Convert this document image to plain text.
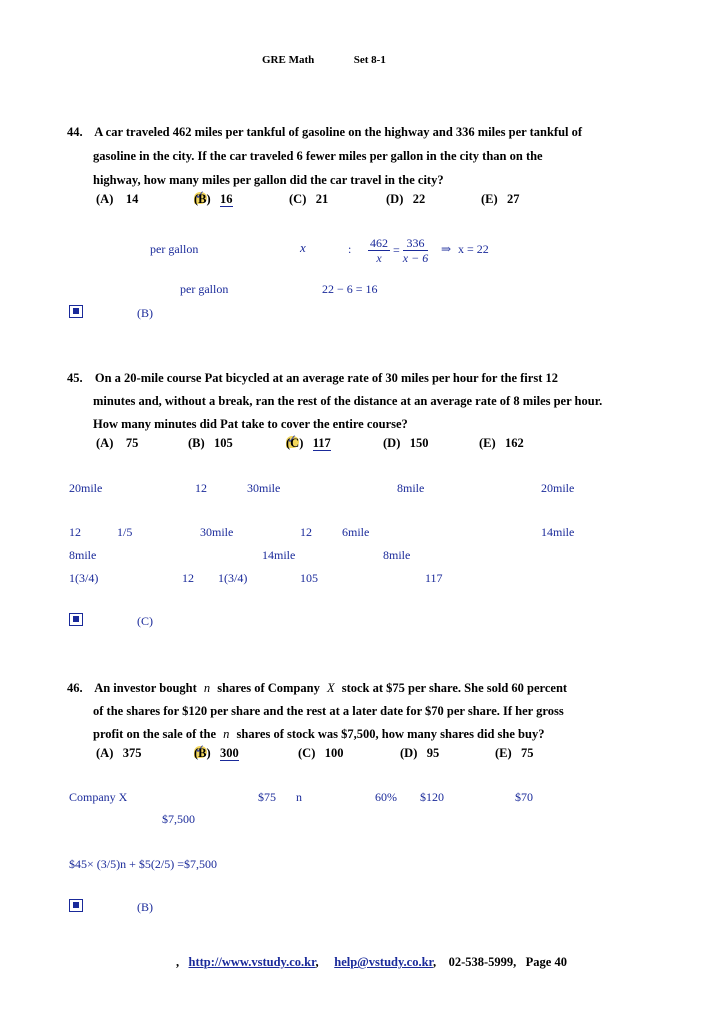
GRE Math	Set 8-1
44. A car traveled 462 miles per tankful of gasoline on the highway and 336 miles per tankful of
gasoline in the city. If the car traveled 6 fewer miles per gallon in the city than on the
highway, how many miles per gallon did the car travel in the city?
(A) 14 ✓	(B) 16	(C) 21	(D) 22	(E) 27
per gallon	x	: $\frac{462}{x} = \frac{336}{x - 6}$ ⇒ x = 22
per gallon	22 − 6 = 16
(B)
45. On a 20-mile course Pat bicycled at an average rate of 30 miles per hour for the first 12
minutes and, without a break, ran the rest of the distance at an average rate of 8 miles per hour.
How many minutes did Pat take to cover the entire course?
(A) 75	(B) 105 ✓	(C) 117	(D) 150	(E) 162
20mile	12	30mile	8mile	20mile
12	1/5	30mile	12	6mile	14mile
8mile	14mile	8mile
1(3/4)	12 1(3/4)	105	117
(C)
46. An investor bought n shares of Company X stock at $75 per share. She sold 60 percent
of the shares for $120 per share and the rest at a later date for $70 per share. If her gross
profit on the sale of the n shares of stock was $7,500, how many shares did she buy?
(A) 375 ✓	(B) 300	(C) 100	(D) 95	(E) 75
Company X	$75 n	60% $120	$70
$7,500
$45× (3/5)n + $5(2/5) =$7,500
(B)
,   http://www.vstudy.co.kr,     help@vstudy.co.kr,    02-538-5999, Page 40
